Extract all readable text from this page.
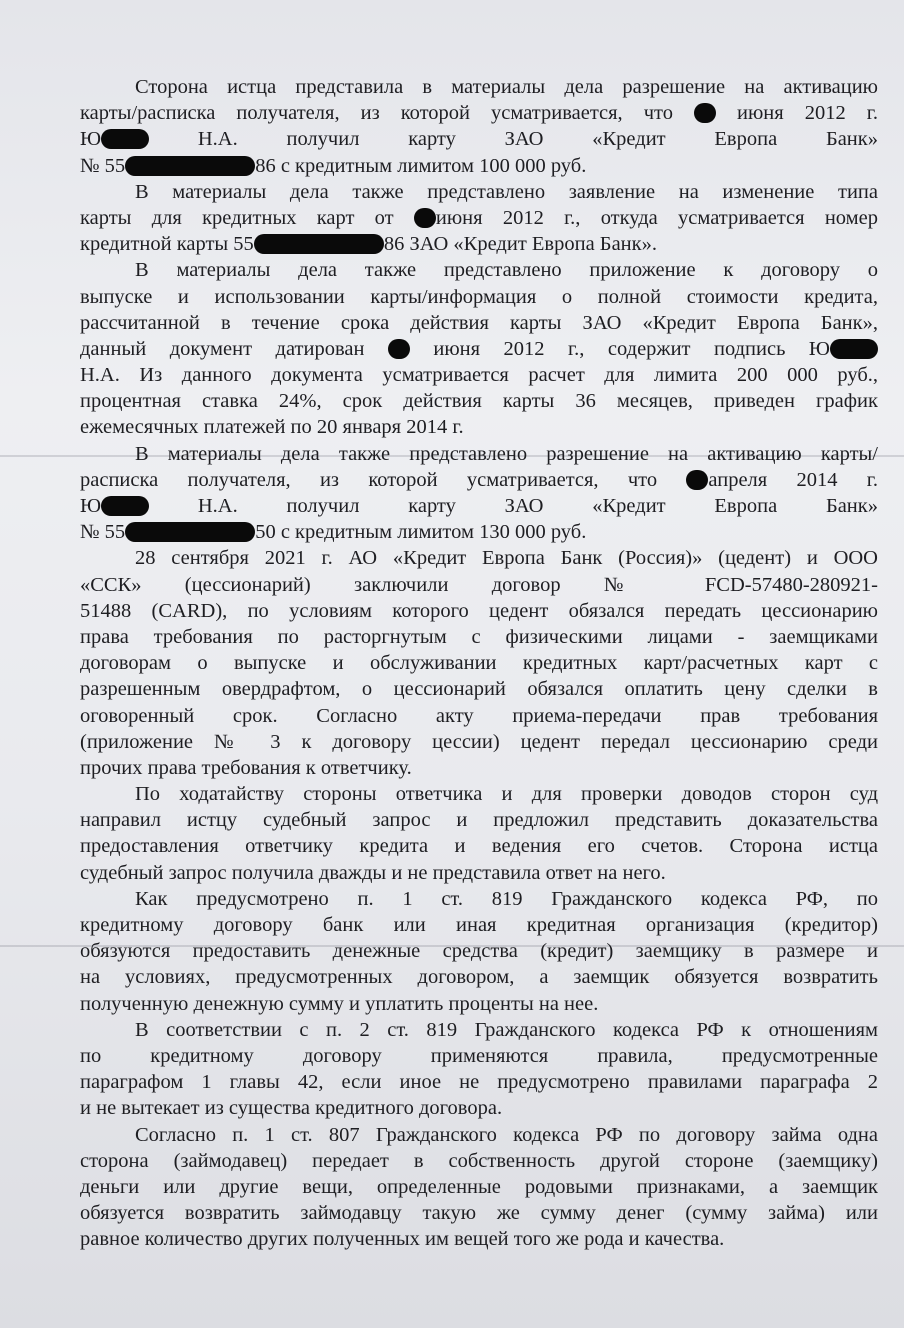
Сторона истца представила в материалы дела разрешение на активацию
карты/расписка получателя, из которой усматривается, что  июня 2012 г.
Ю Н.А. получил карту ЗАО «Кредит Европа Банк»
№ 55	86 с кредитным лимитом 100 000 руб.
В материалы дела также представлено заявление на изменение типа
карты для кредитных карт от июня 2012 г., откуда усматривается номер
кредитной карты 55	86 ЗАО «Кредит Европа Банк».
В материалы дела также представлено приложение к договору о
выпуске и использовании карты/информация о полной стоимости кредита,
рассчитанной в течение срока действия карты ЗАО «Кредит Европа Банк»,
данный документ датирован  июня 2012 г., содержит подпись Ю
Н.А. Из данного документа усматривается расчет для лимита 200 000 руб.,
процентная ставка 24%, срок действия карты 36 месяцев, приведен график
ежемесячных платежей по 20 января 2014 г.
В материалы дела также представлено разрешение на активацию карты/
расписка получателя, из которой усматривается, что апреля 2014 г.
Ю Н.А. получил карту ЗАО «Кредит Европа Банк»
№ 55	50 с кредитным лимитом 130 000 руб.
28 сентября 2021 г. АО «Кредит Европа Банк (Россия)» (цедент) и ООО
«ССК» (цессионарий) заключили договор № FCD-57480-280921-
51488 (CARD), по условиям которого цедент обязался передать цессионарию
права требования по расторгнутым с физическими лицами - заемщиками
договорам о выпуске и обслуживании кредитных карт/расчетных карт с
разрешенным овердрафтом, о цессионарий обязался оплатить цену сделки в
оговоренный срок. Согласно акту приема-передачи прав требования
(приложение № 3 к договору цессии) цедент передал цессионарию среди
прочих права требования к ответчику.
По ходатайству стороны ответчика и для проверки доводов сторон суд
направил истцу судебный запрос и предложил представить доказательства
предоставления ответчику кредита и ведения его счетов. Сторона истца
судебный запрос получила дважды и не представила ответ на него.
Как предусмотрено п. 1 ст. 819 Гражданского кодекса РФ, по
кредитному договору банк или иная кредитная организация (кредитор)
обязуются предоставить денежные средства (кредит) заемщику в размере и
на условиях, предусмотренных договором, а заемщик обязуется возвратить
полученную денежную сумму и уплатить проценты на нее.
В соответствии с п. 2 ст. 819 Гражданского кодекса РФ к отношениям
по кредитному договору применяются правила, предусмотренные
параграфом 1 главы 42, если иное не предусмотрено правилами параграфа 2
и не вытекает из существа кредитного договора.
Согласно п. 1 ст. 807 Гражданского кодекса РФ по договору займа одна
сторона (займодавец) передает в собственность другой стороне (заемщику)
деньги или другие вещи, определенные родовыми признаками, а заемщик
обязуется возвратить займодавцу такую же сумму денег (сумму займа) или
равное количество других полученных им вещей того же рода и качества.
